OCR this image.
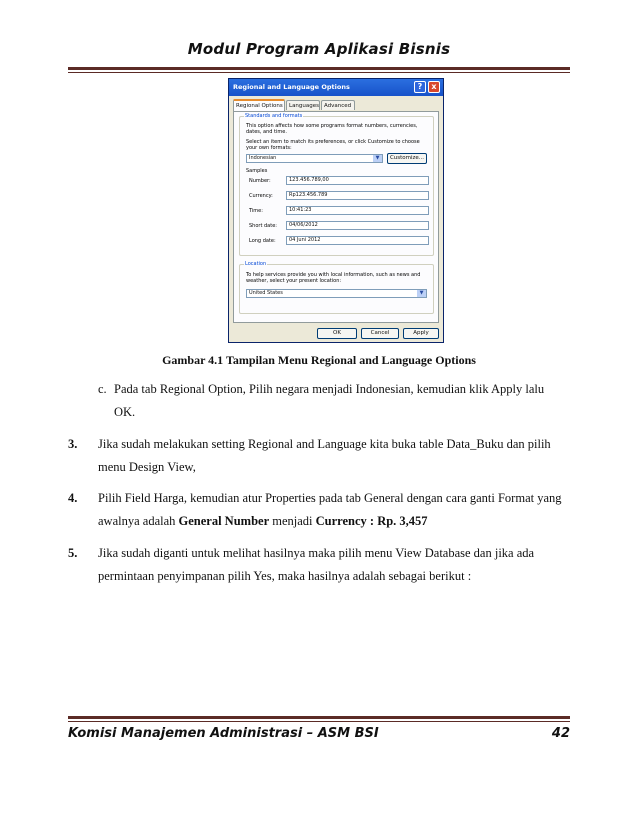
Modul Program Aplikasi Bisnis
Regional and Language Options	?	x
Regional Options	Languages Advanced
Standards and formats
This option affects how some programs format numbers, currencies,
dates, and time.
Select an item to match its preferences, or click Customize to choose
your own formats:
Indonesian	▼	Customize...
Samples
Number:	123.456.789,00
Currency:	Rp123.456.789
Time:	10:41:23
Short date:	04/06/2012
Long date:	04 Juni 2012
Location
To help services provide you with local information, such as news and
weather, select your present location:
United States	▼
OK	Cancel	Apply
Gambar 4.1 Tampilan Menu Regional and Language Options
c. Pada tab Regional Option, Pilih negara menjadi Indonesian, kemudian klik Apply lalu
OK.
3. Jika sudah melakukan setting Regional and Language kita buka table Data_Buku dan pilih
menu Design View,
4. Pilih Field Harga, kemudian atur Properties pada tab General dengan cara ganti Format yang
awalnya adalah General Number menjadi Currency : Rp. 3,457
5. Jika sudah diganti untuk melihat hasilnya maka pilih menu View Database dan jika ada
permintaan penyimpanan pilih Yes, maka hasilnya adalah sebagai berikut :
Komisi Manajemen Administrasi – ASM BSI	42
